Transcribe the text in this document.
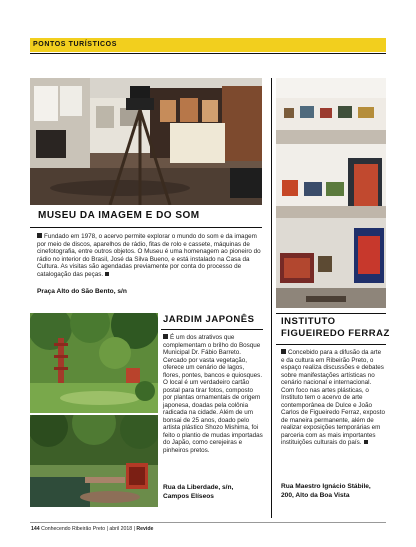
PONTOS TURÍSTICOS
MUSEU DA IMAGEM E DO SOM
Fundado em 1978, o acervo permite explorar o mundo do som e da imagem por meio de discos, aparelhos de rádio, fitas de rolo e cassete, máquinas de cinefotografia, entre outros objetos. O Museu é uma homenagem ao pioneiro do rádio no interior do Brasil, José da Silva Bueno, e está instalado na Casa da Cultura. As visitas são agendadas previamente por conta do processo de catalogação das peças.
Praça Alto do São Bento, s/n
JARDIM JAPONÊS
É um dos atrativos que complementam o brilho do Bosque Municipal Dr. Fábio Barreto. Cercado por vasta vegetação, oferece um cenário de lagos, flores, pontes, bancos e quiosques. O local é um verdadeiro cartão postal para tirar fotos, composto por plantas ornamentais de origem japonesa, doadas pela colônia radicada na cidade. Além de um bonsai de 25 anos, doado pelo artista plástico Shozo Mishima, foi feito o plantio de mudas importadas do Japão, como cerejeiras e pinheiros pretos.
Rua da Liberdade, s/n,
Campos Elíseos
INSTITUTO
FIGUEIREDO FERRAZ
Concebido para a difusão da arte e da cultura em Ribeirão Preto, o espaço realiza discussões e debates sobre manifestações artísticas no cenário nacional e internacional. Com foco nas artes plásticas, o Instituto tem o acervo de arte contemporânea de Dulce e João Carlos de Figueiredo Ferraz, exposto de maneira permanente, além de realizar exposições temporárias em parceria com as mais importantes instituições culturais do país.
Rua Maestro Ignácio Stábile,
200, Alto da Boa Vista
144 Conhecendo Ribeirão Preto | abril 2018 | Revide
